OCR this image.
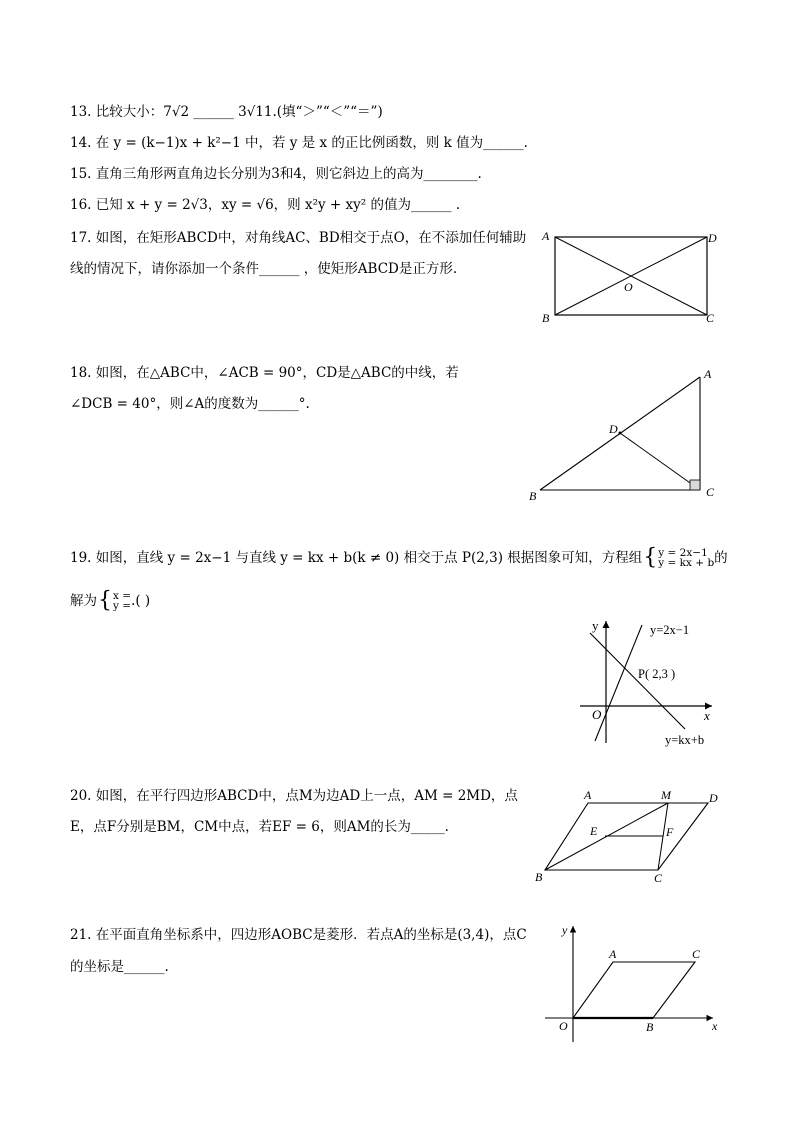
13. 比较大小：7√2 ______ 3√11.(填“＞”“＜”“＝”)
14. 在 y = (k−1)x + k²−1 中，若 y 是 x 的正比例函数，则 k 值为______.
15. 直角三角形两直角边长分别为3和4，则它斜边上的高为________.
16. 已知 x + y = 2√3，xy = √6，则 x²y + xy² 的值为______ .
17. 如图，在矩形ABCD中，对角线AC、BD相交于点O，在不添加任何辅助
线的情况下，请你添加一个条件______ ，使矩形ABCD是正方形.
A
B	C
D
O
18. 如图，在△ABC中，∠ACB = 90°，CD是△ABC的中线，若
∠DCB = 40°，则∠A的度数为______°.
A
B	C
D
19. 如图，直线 y = 2x−1 与直线 y = kx + b(k ≠ 0) 相交于点 P(2,3) 根据图象可知，方程组 { y = 2x−1
y = kx + b 的
解为 { x =
y = .( )
y
x
O
y=2x−1
y=kx+b
P( 2,3 )
20. 如图，在平行四边形ABCD中，点M为边AD上一点，AM = 2MD，点
E，点F分别是BM，CM中点，若EF = 6，则AM的长为_____.
A	M	D
E	F
B	C
21. 在平面直角坐标系中，四边形AOBC是菱形．若点A的坐标是(3,4)，点C
的坐标是______.
y
x
O
A	C
B
